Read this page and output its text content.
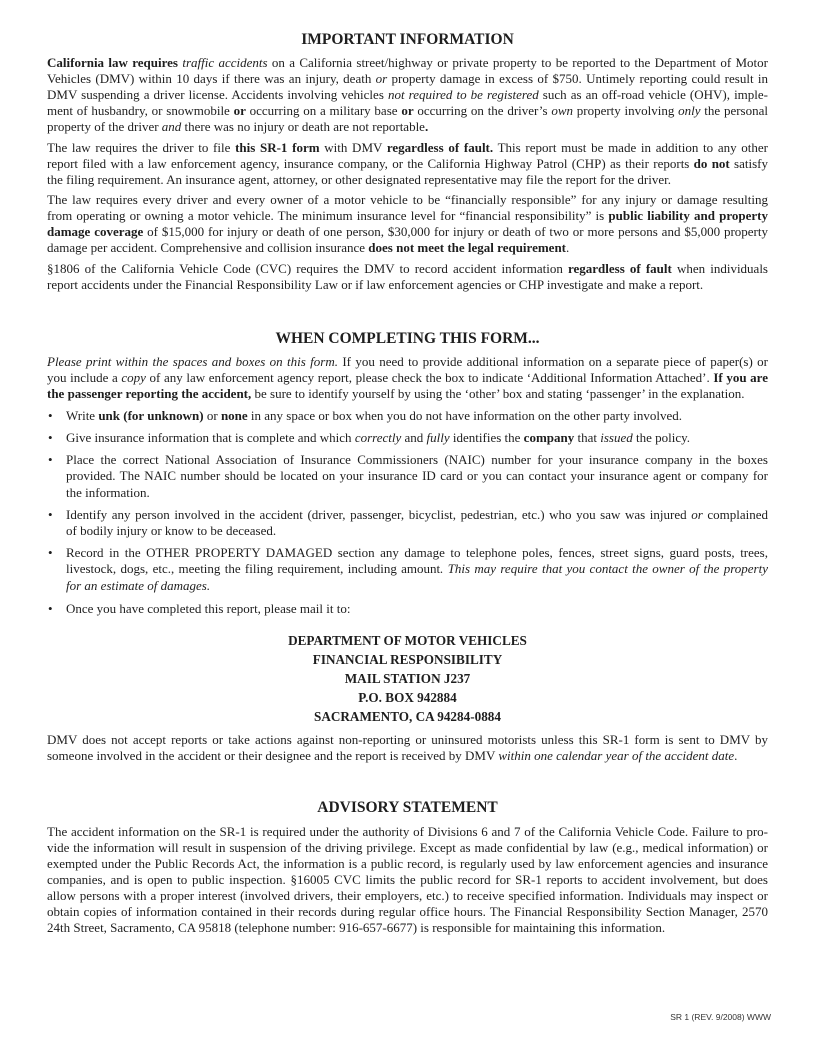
IMPORTANT INFORMATION
California law requires traffic accidents on a California street/highway or private property to be reported to the Department of Motor
Vehicles (DMV) within 10 days if there was an injury, death or property damage in excess of $750. Untimely reporting could result in
DMV suspending a driver license. Accidents involving vehicles not required to be registered such as an off-road vehicle (OHV), imple-
ment of husbandry, or snowmobile or occurring on a military base or occurring on the driver’s own property involving only the personal
property of the driver and there was no injury or death are not reportable.
The law requires the driver to file this SR-1 form with DMV regardless of fault. This report must be made in addition to any other
report filed with a law enforcement agency, insurance company, or the California Highway Patrol (CHP) as their reports do not satisfy
the filing requirement. An insurance agent, attorney, or other designated representative may file the report for the driver.
The law requires every driver and every owner of a motor vehicle to be “financially responsible” for any injury or damage resulting
from operating or owning a motor vehicle. The minimum insurance level for “financial responsibility” is public liability and property
damage coverage of $15,000 for injury or death of one person, $30,000 for injury or death of two or more persons and $5,000 property
damage per accident. Comprehensive and collision insurance does not meet the legal requirement.
§1806 of the California Vehicle Code (CVC) requires the DMV to record accident information regardless of fault when individuals
report accidents under the Financial Responsibility Law or if law enforcement agencies or CHP investigate and make a report.
WHEN COMPLETING THIS FORM...
Please print within the spaces and boxes on this form. If you need to provide additional information on a separate piece of paper(s) or
you include a copy of any law enforcement agency report, please check the box to indicate ‘Additional Information Attached’. If you are
the passenger reporting the accident, be sure to identify yourself by using the ‘other’ box and stating ‘passenger’ in the explanation.
• Write unk (for unknown) or none in any space or box when you do not have information on the other party involved.
• Give insurance information that is complete and which correctly and fully identifies the company that issued the policy.
• Place the correct National Association of Insurance Commissioners (NAIC) number for your insurance company in the boxes
provided. The NAIC number should be located on your insurance ID card or you can contact your insurance agent or company for
the information.
• Identify any person involved in the accident (driver, passenger, bicyclist, pedestrian, etc.) who you saw was injured or complained
of bodily injury or know to be deceased.
• Record in the OTHER PROPERTY DAMAGED section any damage to telephone poles, fences, street signs, guard posts, trees,
livestock, dogs, etc., meeting the filing requirement, including amount. This may require that you contact the owner of the property
for an estimate of damages.
• Once you have completed this report, please mail it to:
DEPARTMENT OF MOTOR VEHICLES
FINANCIAL RESPONSIBILITY
MAIL STATION J237
P.O. BOX 942884
SACRAMENTO, CA 94284-0884
DMV does not accept reports or take actions against non-reporting or uninsured motorists unless this SR-1 form is sent to DMV by
someone involved in the accident or their designee and the report is received by DMV within one calendar year of the accident date.
ADVISORY STATEMENT
The accident information on the SR-1 is required under the authority of Divisions 6 and 7 of the California Vehicle Code. Failure to pro-
vide the information will result in suspension of the driving privilege. Except as made confidential by law (e.g., medical information) or
exempted under the Public Records Act, the information is a public record, is regularly used by law enforcement agencies and insurance
companies, and is open to public inspection. §16005 CVC limits the public record for SR-1 reports to accident involvement, but does
allow persons with a proper interest (involved drivers, their employers, etc.) to receive specified information. Individuals may inspect or
obtain copies of information contained in their records during regular office hours. The Financial Responsibility Section Manager, 2570
24th Street, Sacramento, CA 95818 (telephone number: 916-657-6677) is responsible for maintaining this information.
SR 1 (REV. 9/2008) WWW
